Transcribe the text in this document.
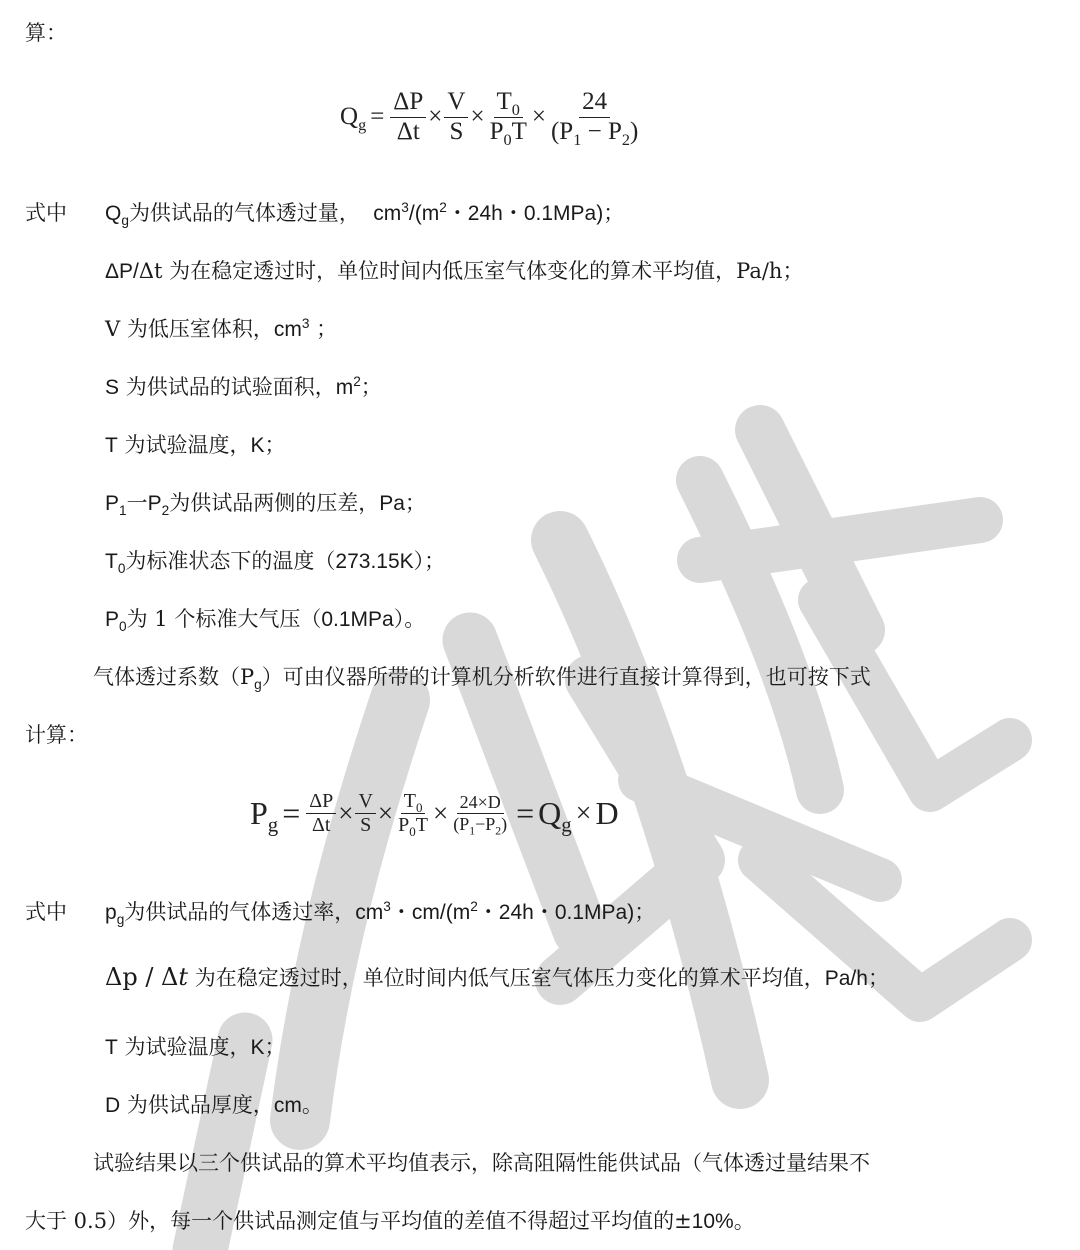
算：
$Q_g = \frac{\Delta P}{\Delta t} \times \frac{V}{S} \times \frac{T_0}{P_0T} \times \frac{24}{(P_1 - P_2)}$
式中 $Q_g$为供试品的气体透过量， $cm^3/(m^2$・24h・0.1MPa)；
ΔP/Δt 为在稳定透过时，单位时间内低压室气体变化的算术平均值，Pa/h；
V 为低压室体积，$cm^3$ ；
S 为供试品的试验面积，$m^2$；
T 为试验温度，K；
$P_1$一$P_2$为供试品两侧的压差，Pa；
$T_0$为标准状态下的温度（273.15K）；
$P_0$为 1 个标准大气压（0.1MPa）。
气体透过系数$(P_g)$可由仪器所带的计算机分析软件进行直接计算得到，也可按下式
计算：
$P_g = \frac{\Delta P}{\Delta t} \times \frac{V}{S} \times \frac{T_0}{P_0T} \times \frac{24\times D}{(P_1-P_2)} = Q_g \times D$
式中 $p_g$为供试品的气体透过率，$cm^3$・$cm/(m^2$・24h・0.1MPa)；
Δp / Δt 为在稳定透过时，单位时间内低气压室气体压力变化的算术平均值，Pa/h；
T 为试验温度，K；
D 为供试品厚度，cm。
试验结果以三个供试品的算术平均值表示，除高阻隔性能供试品（气体透过量结果不
大于 0.5）外，每一个供试品测定值与平均值的差值不得超过平均值的±10%。
